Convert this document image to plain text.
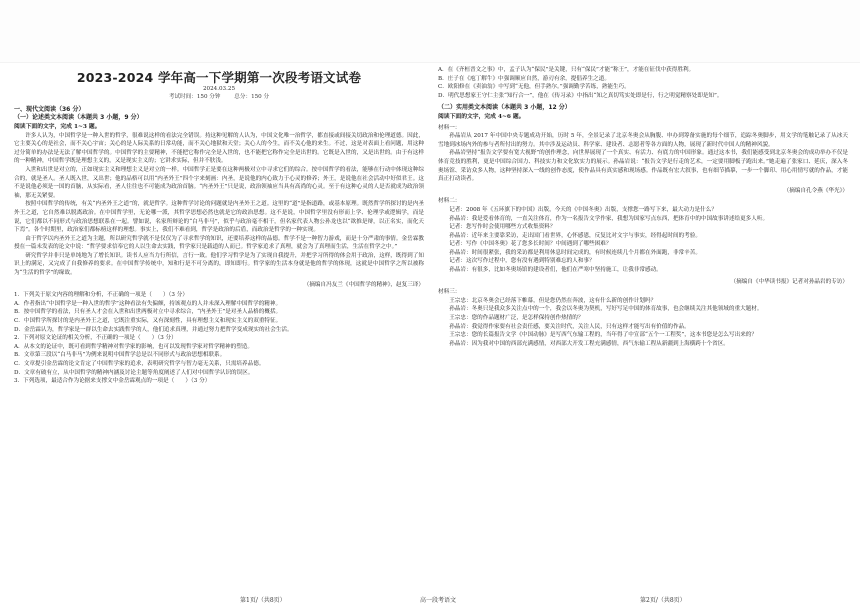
2023-2024 学年高一下学期第一次段考语文试卷
2024.03.25
考试时间：150 分钟 总分：150 分
一、现代文阅读（36 分）
（一）论述类文本阅读（本题共 3 小题，9 分）
阅读下面的文字，完成 1~3 题。

许多人认为，中国哲学是一种入世的哲学，很难说这样的看法完全错误。持这种见解的人认为，中国文化唯一治哲学，都直接或间接关切政治和伦理道德。因此，它主要关心的是社会，而不关心宇宙；关心的是人际关系的日常功能，而不关心地狱和天堂；关心人的今生，而不关心他的来生。不过，这是对表面上看问题，用这种过分简单的办法是无法了解中国哲学的。中国哲学的主要精神，不能把它称作完全是入世的，也不能把它称作完全是出世的。它既是入世的，又是出世的。由于有这样的一种精神，中国哲学既是理想主义的，又是现实主义的；它讲求实际，但并不肤浅。

入世和出世是对立的，正如现实主义和理想主义是对立的一样。中国哲学正是要在这种两极对立中寻求它们的综合。按中国哲学的看法，能够在行动中体现这种综合的，就是圣人。圣人既入世，又出世；他的品格可以用“内圣外王”四个字来刻画：内圣，是说他的内心致力于心灵的修养；外王，是说他在社会活动中好似君王。这不是说他必须是一国的首脑，从实际看，圣人往往也不可能成为政治首脑。“内圣外王”只是说，政治领袖应当具有高尚的心灵。至于有这种心灵的人是否就成为政治领袖，那无关紧要。

按照中国哲学的传统，有关“内圣外王之道”的，就是哲学。这种哲学讨论的问题就是内圣外王之道。这里的“道”是指道路，或基本原理。既然哲学所探讨的是内圣外王之道，它自然难以脱离政治。在中国哲学里，无论哪一派，其哲学思想必然也就是它的政治思想。这不是说，中国哲学里没有形而上学、伦理学或逻辑学，而是说，它们都以不同形式与政治思想联系在一起。譬如说，名家所辩论的“白马非马”，似乎与政治毫不相干，但名家代表人物公孙龙也以“欲推是辩，以正名实，而化天下焉”。各个时期里，政治家们都标榜这样的理想。事实上，我们不难看到，哲学是政治的后盾，而政治是哲学的一种实现。

由于哲学以内圣外王之道为主题，所以研究哲学就不是仅仅为了寻求哲学的知识，还要培养这样的品德。哲学不是一种智力游戏，而是十分严肃的事情。金岳霖教授在一篇未发表的论文中说：“哲学要求信奉它的人以生命去实践，哲学家只是载道的人而已。哲学家追求了真理，就会为了真理而生活，生活在哲学之中。”

研究哲学并非只是单纯地为了增长知识。读书人应当力行所信，言行一致。他们学习哲学是为了实现自我提升，并把学习所得的体会用于政治，这样，既得到了知识上的满足，又完成了自我修养的要求。在中国哲学传统中，知和行是不可分离的，即知即行。哲学家的生活本身就是他的哲学的体现，这就是中国哲学之所以被称为“生活的哲学”的缘故。

（摘编自冯友兰《中国哲学的精神》，赵复三译）

1．下列关于原文内容的理解和分析，不正确的一项是（　　）（3 分）

A．作者指出“中国哲学是一种入世的哲学”这种看法有失偏颇，持该观点的人并未深入理解中国哲学的精神。

B．按中国哲学的看法，只有圣人才会在入世和出世两极对立中寻求综合，“内圣外王”是对圣人品格的概括。

C．中国哲学所探讨的是内圣外王之道，它既注重实际，又有深刻性，具有理想主义和现实主义的双重特征。

D．金岳霖认为，哲学家是一群以生命去实践哲学的人，他们追求真理，并通过努力把哲学变成现实的社会生活。

2．下列对原文论证的相关分析，不正确的一项是（　　）（3 分）

A．从本文的论证中，既可看到哲学精神对哲学家的影响，也可以发现哲学家对哲学精神的塑造。

B．文章第三段以“白马非马”为例来说明中国哲学总是以不同形式与政治思想相联系。

C．文章提引金岳霖的论文肯定了中国哲学家的追求，表明研究哲学与智力毫无关系，只需培养品德。

D．文章有破有立，从中国哲学的精神内涵及讨论主题等角度阐述了人们对中国哲学认识的误区。

3．下列选项，最适合作为论据来支撑文中金岳霖观点的一项是（　　）（3 分）

A．在《齐桓晋文之事》中，孟子认为“保民”是关键，只有“保民”才能“称王”，才能在征伐中获得胜利。

B．庄子在《庖丁解牛》中强调顺应自然，游刃有余，提倡养生之道。

C．欧阳修在《卖油翁》中写到“无他，但手熟尔。”强调勤学苦练，熟能生巧。

D．明代思想家王守仁主张“知行合一”，他在《传习录》中指出“知之真切笃实处即是行，行之明觉精察处即是知”。

（二）实用类文本阅读（本题共 3 小题，12 分）
阅读下面的文字，完成 4~6 题。

材料一：

孙晶岩从 2017 年中国中央专题成功开始，历时 5 年，全景记录了北京冬奥会从胸腹、申办到筹备实施的每个细节，追踪冬奥脚步，用文学的笔触记录了从冰天雪地到冰场内外的参与者所付出的努力。其中涉及运动员、科学家、建设者、志愿者等各方面的人物，展现了新时代中国人的精神风貌。

孙晶岩坚持“报告文学要有宽大视野”的创作理念，向世界展现了一个真实、有活力、有底力的中国形象。通过这本书，我们能感受到北京冬奥会的成功举办不仅是体育竞技的胜利，更是中国综合国力、科技实力和文化软实力的展示。孙晶岩说：“报告文学是行走的艺术，一定要用脚板子跑出来。”她走遍了张家口、延庆，深入冬奥场馆、采访众多人物，这种坚持深入一线的创作态度，使作品具有真实感和现场感。作品既有宏大叙事，也有细节描摹，一步一个脚印、用心用情写就的作品，才能真正打动读者。

（摘编自孔令燕《华光》）

材料二：

记者：2008 年《五环旗下的中国》出版，今天的《中国冬奥》出版，支撑您一路写下来，最大动力是什么？

孙晶岩：我是爱看体育的，一直关注体育，作为一名报告文学作家，我想为国家写点东西，把体育中的中国故事讲述给更多人听。

记者：您写作时会使用哪些方式收集资料？

孙晶岩：近年来主要靠采访，走出国门看世界，心怀感恩，反复比对文字与事实，经得起时间的考验。

记者：写作《中国冬奥》花了您多长时间？中间遇到了哪些困难？

孙晶岩：时间很紧张，我的采访都是利用休息时间完成的，有时候连续几个月都在外面跑，非常辛苦。

记者：这次写作过程中，您有没有遇到特别难忘的人和事？

孙晶岩：有很多，比如冬奥场馆的建设者们，他们在严寒中坚持施工，让我非常感动。

（摘编自《中华读书报》记者对孙晶岩的专访）

材料三：

王宗忠：北京冬奥会已经落下帷幕，但是您仍然在奔波，这有什么新的创作计划吗？

孙晶岩：冬奥只是我众多关注点中的一个，我会以冬奥为契机，写好写足中国的体育故事，也会继续关注其他领域的重大题材。

王宗忠：您的作品题材广泛，是怎样保持创作热情的？

孙晶岩：我觉得作家要有社会责任感，要关注时代，关注人民，只有这样才能写出有价值的作品。

王宗忠：您的长篇报告文学《中国动脉》是写西气东输工程的，当年得了中宣部“五个一工程奖”，这本书您是怎么写出来的？

孙晶岩：因为我对中国的西部充满感情，对西部大开发工程充满感情，西气东输工程从新疆到上海横跨十个省区。

第1页/（共8页）	高一段考语文	第2页/（共8页）
